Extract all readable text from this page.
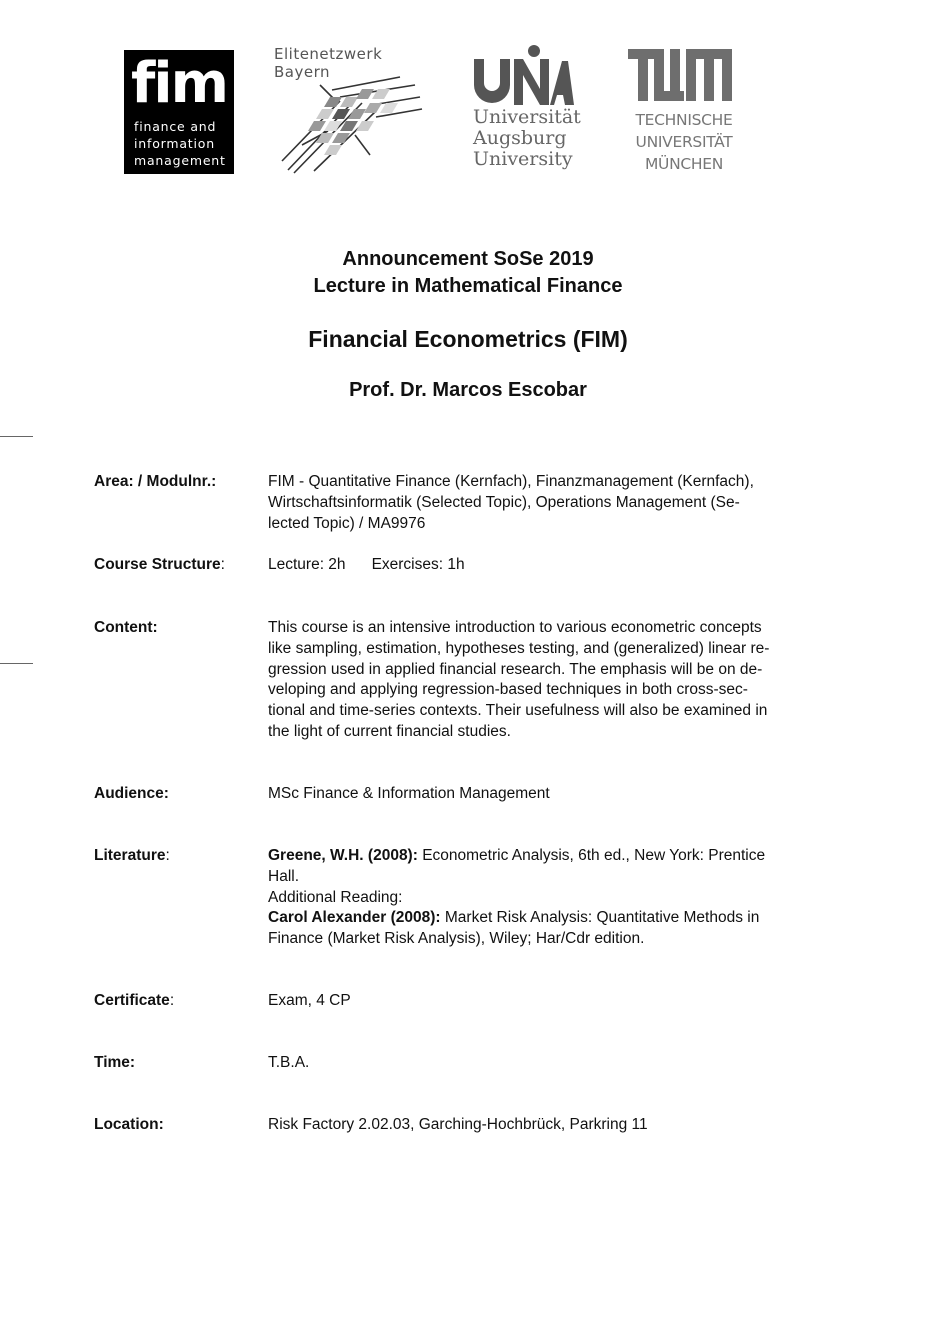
fim
finance and
information
management
Elitenetzwerk
Bayern
Universität
Augsburg
University
TECHNISCHE
UNIVERSITÄT
MÜNCHEN
Announcement SoSe 2019
Lecture in Mathematical Finance
Financial Econometrics (FIM)
Prof. Dr. Marcos Escobar
Area: / Modulnr.:	FIM - Quantitative Finance (Kernfach), Finanzmanagement (Kernfach),
Wirtschaftsinformatik (Selected Topic), Operations Management (Se-
lected Topic) / MA9976
Course Structure:	Lecture: 2h Exercises: 1h
Content:	This course is an intensive introduction to various econometric concepts
like sampling, estimation, hypotheses testing, and (generalized) linear re-
gression used in applied financial research. The emphasis will be on de-
veloping and applying regression-based techniques in both cross-sec-
tional and time-series contexts. Their usefulness will also be examined in
the light of current financial studies.
Audience:	MSc Finance & Information Management
Literature:	Greene, W.H. (2008): Econometric Analysis, 6th ed., New York: Prentice
Hall.
Additional Reading:
Carol Alexander (2008): Market Risk Analysis: Quantitative Methods in
Finance (Market Risk Analysis), Wiley; Har/Cdr edition.
Certificate:	Exam, 4 CP
Time:	T.B.A.
Location:	Risk Factory 2.02.03, Garching-Hochbrück, Parkring 11
